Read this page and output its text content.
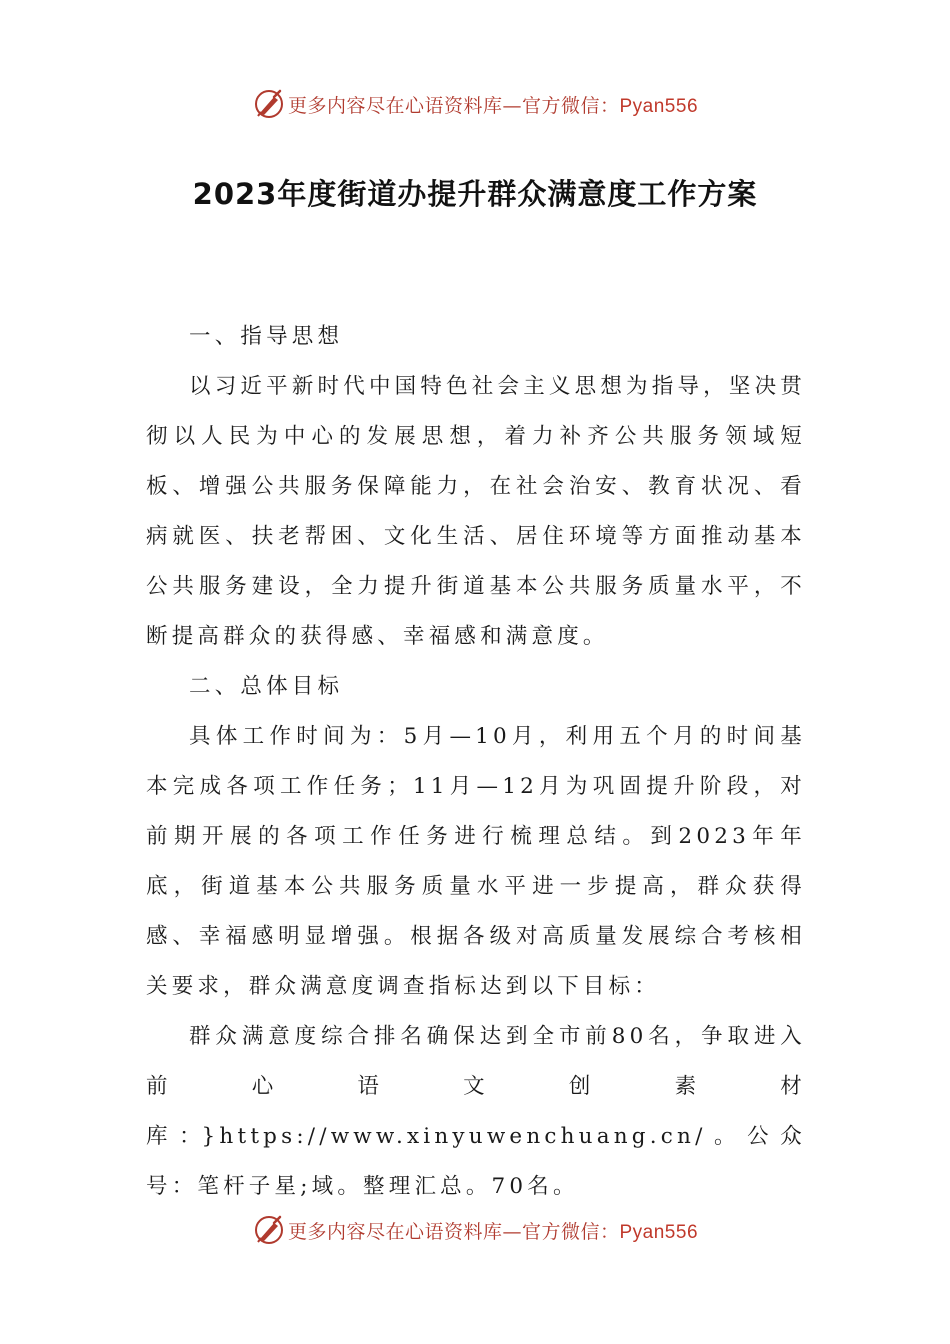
更多内容尽在心语资料库—官方微信：Pyan556
2023年度街道办提升群众满意度工作方案

一、指导思想

以习近平新时代中国特色社会主义思想为指导，坚决贯彻以人民为中心的发展思想，着力补齐公共服务领域短板、增强公共服务保障能力，在社会治安、教育状况、看病就医、扶老帮困、文化生活、居住环境等方面推动基本公共服务建设，全力提升街道基本公共服务质量水平，不断提高群众的获得感、幸福感和满意度。

二、总体目标

具体工作时间为：5月—10月，利用五个月的时间基本完成各项工作任务；11月—12月为巩固提升阶段，对前期开展的各项工作任务进行梳理总结。到2023年年底，街道基本公共服务质量水平进一步提高，群众获得感、幸福感明显增强。根据各级对高质量发展综合考核相关要求，群众满意度调查指标达到以下目标：

群众满意度综合排名确保达到全市前80名，争取进入前心语文创素材库：}https://www.xinyuwenchuang.cn/。公众号：笔杆子星;域。整理汇总。70名。

更多内容尽在心语资料库—官方微信：Pyan556
